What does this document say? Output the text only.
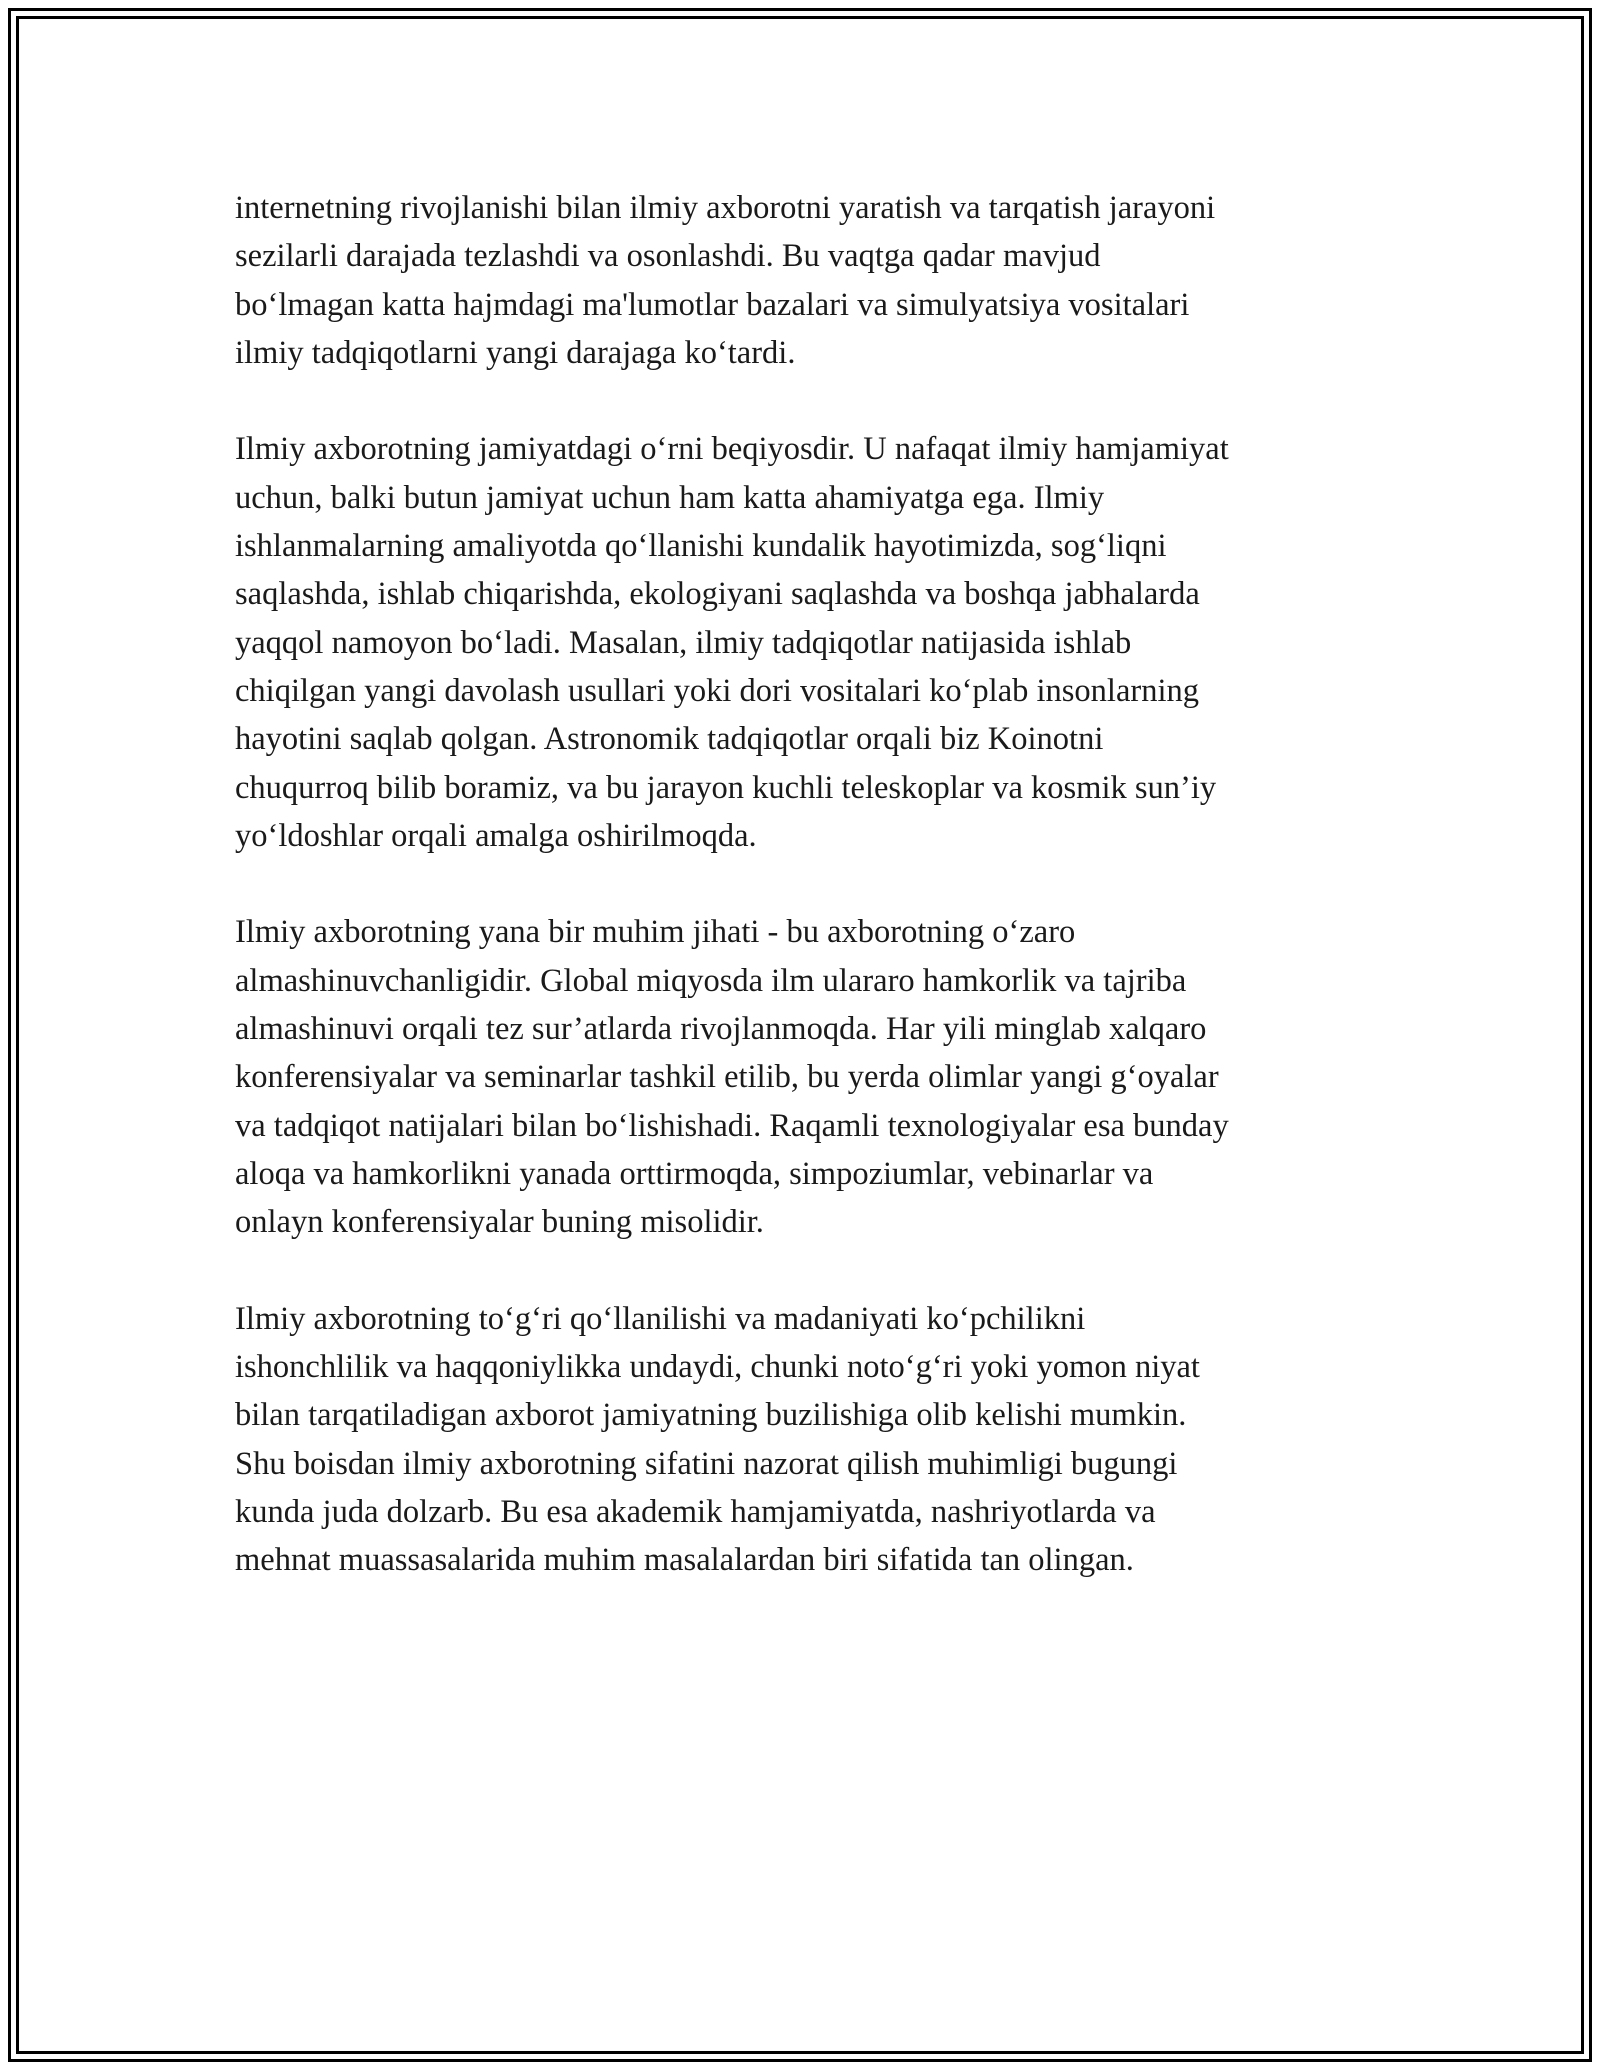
internetning rivojlanishi bilan ilmiy axborotni yaratish va tarqatish jarayoni
sezilarli darajada tezlashdi va osonlashdi. Bu vaqtga qadar mavjud
bo‘lmagan katta hajmdagi ma'lumotlar bazalari va simulyatsiya vositalari
ilmiy tadqiqotlarni yangi darajaga ko‘tardi.

Ilmiy axborotning jamiyatdagi o‘rni beqiyosdir. U nafaqat ilmiy hamjamiyat
uchun, balki butun jamiyat uchun ham katta ahamiyatga ega. Ilmiy
ishlanmalarning amaliyotda qo‘llanishi kundalik hayotimizda, sog‘liqni
saqlashda, ishlab chiqarishda, ekologiyani saqlashda va boshqa jabhalarda
yaqqol namoyon bo‘ladi. Masalan, ilmiy tadqiqotlar natijasida ishlab
chiqilgan yangi davolash usullari yoki dori vositalari ko‘plab insonlarning
hayotini saqlab qolgan. Astronomik tadqiqotlar orqali biz Koinotni
chuqurroq bilib boramiz, va bu jarayon kuchli teleskoplar va kosmik sun’iy
yo‘ldoshlar orqali amalga oshirilmoqda.

Ilmiy axborotning yana bir muhim jihati - bu axborotning o‘zaro
almashinuvchanligidir. Global miqyosda ilm ulararo hamkorlik va tajriba
almashinuvi orqali tez sur’atlarda rivojlanmoqda. Har yili minglab xalqaro
konferensiyalar va seminarlar tashkil etilib, bu yerda olimlar yangi g‘oyalar
va tadqiqot natijalari bilan bo‘lishishadi. Raqamli texnologiyalar esa bunday
aloqa va hamkorlikni yanada orttirmoqda, simpoziumlar, vebinarlar va
onlayn konferensiyalar buning misolidir.

Ilmiy axborotning to‘g‘ri qo‘llanilishi va madaniyati ko‘pchilikni
ishonchlilik va haqqoniylikka undaydi, chunki noto‘g‘ri yoki yomon niyat
bilan tarqatiladigan axborot jamiyatning buzilishiga olib kelishi mumkin.
Shu boisdan ilmiy axborotning sifatini nazorat qilish muhimligi bugungi
kunda juda dolzarb. Bu esa akademik hamjamiyatda, nashriyotlarda va
mehnat muassasalarida muhim masalalardan biri sifatida tan olingan.
